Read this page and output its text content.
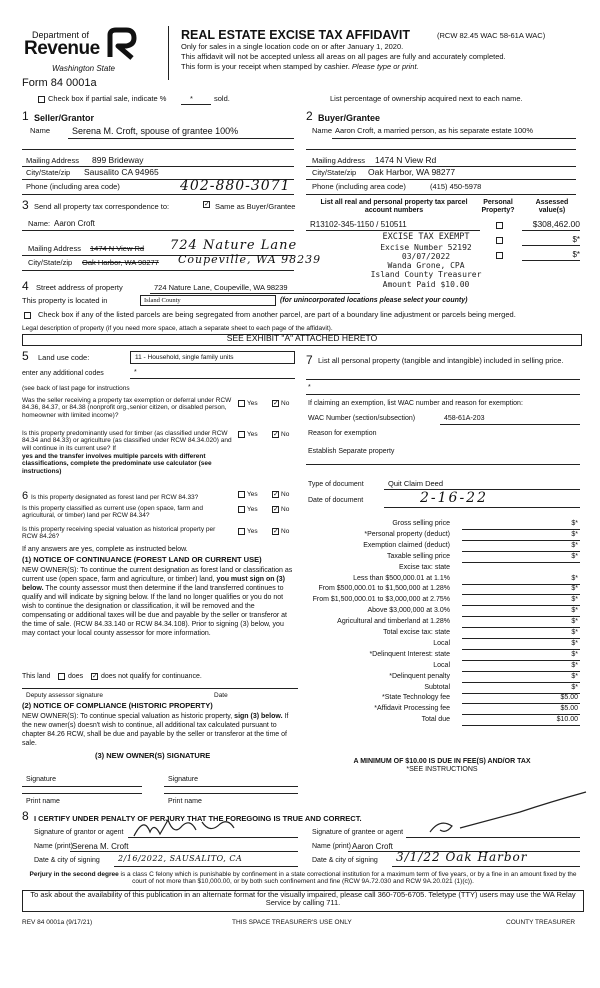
Department of
Revenue
Washington State
Form 84 0001a
REAL ESTATE EXCISE TAX AFFIDAVIT	(RCW 82.45 WAC 58-61A WAC)
Only for sales in a single location code on or after January 1, 2020.
This affidavit will not be accepted unless all areas on all pages are fully and accurately completed.
This form is your receipt when stamped by cashier. Please type or print.
Check box if partial sale, indicate %	*	sold.	List percentage of ownership acquired next to each name.
1 Seller/Grantor
Name Serena M. Croft, spouse of grantee 100%
Mailing Address 899 Brideway
City/State/zip Sausalito CA 94965
Phone (including area code)	402-880-3071
2 Buyer/Grantee
Name Aaron Croft, a married person, as his separate estate 100%
Mailing Address 1474 N View Rd
City/State/zip Oak Harbor, WA 98277
Phone (including area code)	(415) 450-5978
3 Send all property tax correspondence to:	✓ Same as Buyer/Grantee
Name: Aaron Croft
Mailing Address 1474 N View Rd 724 Nature Lane
City/State/zip Oak Harbor, WA 98277 Coupeville, WA 98239
List all real and personal property tax parcel account numbers
Personal Property?
Assessed value(s)
R13102-345-1150 / 510511	$308,462.00
$*
$*
EXCISE TAX EXEMPT
Excise Number 52192
03/07/2022
Wanda Grone, CPA
Island County Treasurer
Amount Paid $10.00
4 Street address of property	724 Nature Lane, Coupeville, WA 98239
This property is located in	Island County	(for unincorporated locations please select your county)
Check box if any of the listed parcels are being segregated from another parcel, are part of a boundary line adjustment or parcels being merged.
Legal description of property (if you need more space, attach a separate sheet to each page of the affidavit).
SEE EXHIBIT "A" ATTACHED HERETO
5 Land use code:	11 - Household, single family units
enter any additional codes	*
(see back of last page for instructions
Was the seller receiving a property tax exemption or deferral under RCW 84.36, 84.37, or 84.38 (nonprofit org.,senior citizen, or disabled person, homeowner with limited income)?
Yes ✓ No
Is this property predominantly used for timber (as classified under RCW 84.34 and 84.33) or agriculture (as classified under RCW 84.34.020) and will continue in its current use? If
yes and the transfer involves multiple parcels with different classifications, complete the predominate use calculator (see instructions)
Yes ✓ No
6 Is this property designated as forest land per RCW 84.33?	Yes ✓ No
Is this property classified as current use (open space, farm and agricultural, or timber) land per RCW 84.34?
Yes ✓ No
Is this property receiving special valuation as historical property per RCW 84.26?
Yes ✓ No
If any answers are yes, complete as instructed below.
(1) NOTICE OF CONTINUANCE (FOREST LAND OR CURRENT USE)
NEW OWNER(S): To continue the current designation as forest land or classification as current use (open space, farm and agriculture, or timber) land, you must sign on (3) below. The county assessor must then determine if the land transferred continues to qualify and will indicate by signing below. If the land no longer qualifies or you do not wish to continue the designation or classification, it will be removed and the compensating or additional taxes will be due and payable by the seller or transferor at the time of sale. (RCW 84.33.140 or RCW 84.34.108). Prior to signing (3) below, you may contact your local county assessor for more information.
This land	does ✓ does not qualify for continuance.
Deputy assessor signature	Date
(2) NOTICE OF COMPLIANCE (HISTORIC PROPERTY)
NEW OWNER(S): To continue special valuation as historic property, sign (3) below. If the new owner(s) doesn't wish to continue, all additional tax calculated pursuant to chapter 84.26 RCW, shall be due and payable by the seller or transferor at the time of sale.
(3) NEW OWNER(S) SIGNATURE
Signature	Signature
Print name	Print name
7 List all personal property (tangible and intangible) included in selling price.
*
If claiming an exemption, list WAC number and reason for exemption:
WAC Number (section/subsection)	458-61A-203
Reason for exemption
Establish Separate property
Type of document	Quit Claim Deed
Date of document	2-16-22
Gross selling price	$*
*Personal property (deduct)	$*
Exemption claimed (deduct)	$*
Taxable selling price	$*
Excise tax: state
Less than $500,000.01 at 1.1%	$*
From $500,000.01 to $1,500,000 at 1.28%	$*
From $1,500,000.01 to $3,000,000 at 2.75%	$*
Above $3,000,000 at 3.0%	$*
Agricultural and timberland at 1.28%	$*
Total excise tax: state	$*
Local	$*
*Delinquent Interest: state	$*
Local	$*
*Delinquent penalty	$*
Subtotal	$*
*State Technology fee	$5.00
*Affidavit Processing fee	$5.00
Total due	$10.00
A MINIMUM OF $10.00 IS DUE IN FEE(S) AND/OR TAX
*SEE INSTRUCTIONS
8 I CERTIFY UNDER PENALTY OF PERJURY THAT THE FOREGOING IS TRUE AND CORRECT.
Signature of grantor or agent
Name (print) Serena M. Croft
Date & city of signing 2/16/2022, SAUSALITO, CA
Signature of grantee or agent
Name (print) Aaron Croft
Date & city of signing 3/1/22 Oak Harbor
Perjury in the second degree is a class C felony which is punishable by confinement in a state correctional institution for a maximum term of five years, or by a fine in an amount fixed by the court of not more than $10,000.00, or by both such confinement and fine (RCW 9A.72.030 and RCW 9A.20.021 (1)(c)).
To ask about the availability of this publication in an alternate format for the visually impaired, please call 360-705-6705. Teletype (TTY) users may use the WA Relay Service by calling 711.
REV 84 0001a (9/17/21)	THIS SPACE TREASURER'S USE ONLY	COUNTY TREASURER
